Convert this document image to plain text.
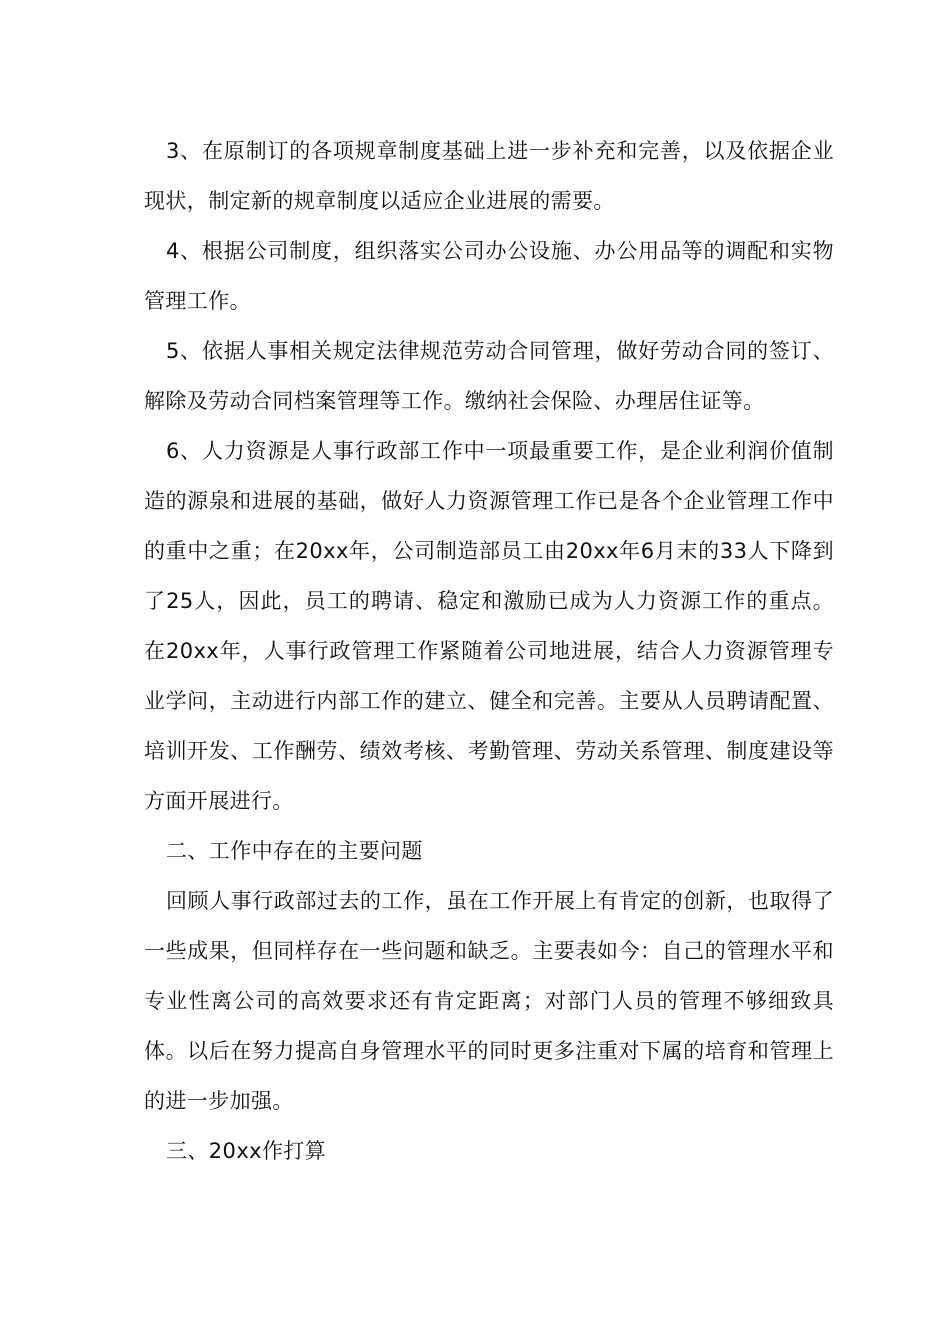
3、在原制订的各项规章制度基础上进一步补充和完善，以及依据企业现状，制定新的规章制度以适应企业进展的需要。

4、根据公司制度，组织落实公司办公设施、办公用品等的调配和实物管理工作。

5、依据人事相关规定法律规范劳动合同管理，做好劳动合同的签订、解除及劳动合同档案管理等工作。缴纳社会保险、办理居住证等。

6、人力资源是人事行政部工作中一项最重要工作，是企业利润价值制造的源泉和进展的基础，做好人力资源管理工作已是各个企业管理工作中的重中之重；在20xx年，公司制造部员工由20xx年6月末的33人下降到了25人，因此，员工的聘请、稳定和激励已成为人力资源工作的重点。在20xx年，人事行政管理工作紧随着公司地进展，结合人力资源管理专业学问，主动进行内部工作的建立、健全和完善。主要从人员聘请配置、培训开发、工作酬劳、绩效考核、考勤管理、劳动关系管理、制度建设等方面开展进行。

二、工作中存在的主要问题

回顾人事行政部过去的工作，虽在工作开展上有肯定的创新，也取得了一些成果，但同样存在一些问题和缺乏。主要表如今：自己的管理水平和专业性离公司的高效要求还有肯定距离；对部门人员的管理不够细致具体。以后在努力提高自身管理水平的同时更多注重对下属的培育和管理上的进一步加强。

三、20xx作打算
